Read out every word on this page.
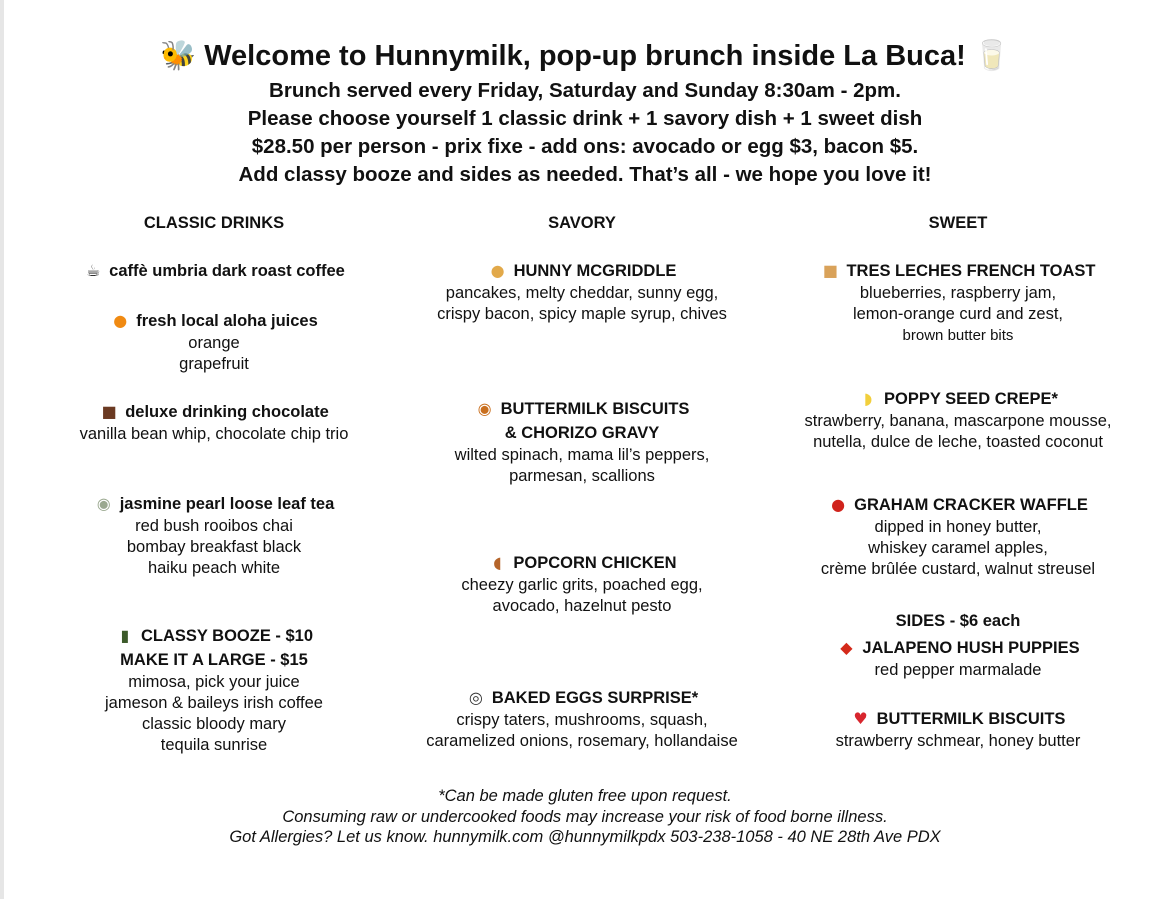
🐝 Welcome to Hunnymilk, pop-up brunch inside La Buca! 🥛

Brunch served every Friday, Saturday and Sunday 8:30am - 2pm.

Please choose yourself 1 classic drink + 1 savory dish + 1 sweet dish

$28.50 per person - prix fixe - add ons: avocado or egg $3, bacon $5.

Add classy booze and sides as needed. That’s all - we hope you love it!

CLASSIC DRINKS
☕ caffè umbria dark roast coffee
● fresh local aloha juices
orange
grapefruit
■ deluxe drinking chocolate
vanilla bean whip, chocolate chip trio
◉ jasmine pearl loose leaf tea
red bush rooibos chai
bombay breakfast black
haiku peach white
▮ CLASSY BOOZE - $10
MAKE IT A LARGE - $15
mimosa, pick your juice
jameson & baileys irish coffee
classic bloody mary
tequila sunrise
SAVORY
● HUNNY MCGRIDDLE
pancakes, melty cheddar, sunny egg,
crispy bacon, spicy maple syrup, chives
◉ BUTTERMILK BISCUITS
& CHORIZO GRAVY
wilted spinach, mama lil’s peppers,
parmesan, scallions
◖ POPCORN CHICKEN
cheezy garlic grits, poached egg,
avocado, hazelnut pesto
◎ BAKED EGGS SURPRISE*
crispy taters, mushrooms, squash,
caramelized onions, rosemary, hollandaise
SWEET
■ TRES LECHES FRENCH TOAST
blueberries, raspberry jam,
lemon-orange curd and zest,
brown butter bits
◗ POPPY SEED CREPE*
strawberry, banana, mascarpone mousse,
nutella, dulce de leche, toasted coconut
● GRAHAM CRACKER WAFFLE
dipped in honey butter,
whiskey caramel apples,
crème brûlée custard, walnut streusel
SIDES - $6 each
◆ JALAPENO HUSH PUPPIES
red pepper marmalade
♥ BUTTERMILK BISCUITS
strawberry schmear, honey butter
*Can be made gluten free upon request.
Consuming raw or undercooked foods may increase your risk of food borne illness.
Got Allergies? Let us know. hunnymilk.com @hunnymilkpdx 503-238-1058 - 40 NE 28th Ave PDX
